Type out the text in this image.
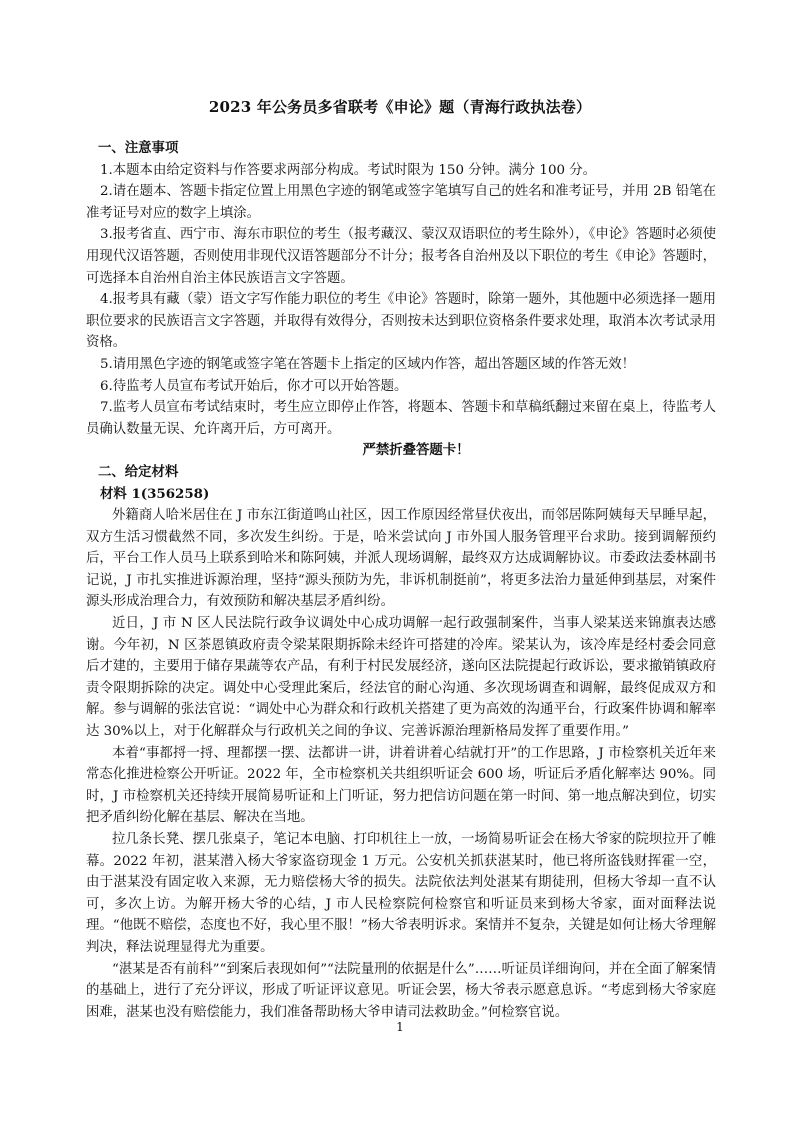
2023 年公务员多省联考《申论》题（青海行政执法卷）

一、注意事项

1.本题本由给定资料与作答要求两部分构成。考试时限为 150 分钟。满分 100 分。

2.请在题本、答题卡指定位置上用黑色字迹的钢笔或签字笔填写自己的姓名和准考证号，并用 2B 铅笔在准考证号对应的数字上填涂。

3.报考省直、西宁市、海东市职位的考生（报考藏汉、蒙汉双语职位的考生除外），《申论》答题时必须使用现代汉语答题，否则使用非现代汉语答题部分不计分；报考各自治州及以下职位的考生《申论》答题时，可选择本自治州自治主体民族语言文字答题。

4.报考具有藏（蒙）语文字写作能力职位的考生《申论》答题时，除第一题外，其他题中必须选择一题用职位要求的民族语言文字答题，并取得有效得分，否则按未达到职位资格条件要求处理，取消本次考试录用资格。

5.请用黑色字迹的钢笔或签字笔在答题卡上指定的区域内作答，超出答题区域的作答无效！

6.待监考人员宣布考试开始后，你才可以开始答题。

7.监考人员宣布考试结束时，考生应立即停止作答，将题本、答题卡和草稿纸翻过来留在桌上，待监考人员确认数量无误、允许离开后，方可离开。

严禁折叠答题卡！

二、给定材料

材料 1(356258)

外籍商人哈米居住在 J 市东江街道鸣山社区，因工作原因经常昼伏夜出，而邻居陈阿姨每天早睡早起，双方生活习惯截然不同，多次发生纠纷。于是，哈米尝试向 J 市外国人服务管理平台求助。接到调解预约后，平台工作人员马上联系到哈米和陈阿姨，并派人现场调解，最终双方达成调解协议。市委政法委林副书记说，J 市扎实推进诉源治理，坚持“源头预防为先，非诉机制挺前”，将更多法治力量延伸到基层，对案件源头形成治理合力，有效预防和解决基层矛盾纠纷。

近日，J 市 N 区人民法院行政争议调处中心成功调解一起行政强制案件，当事人梁某送来锦旗表达感谢。今年初，N 区茶恩镇政府责令梁某限期拆除未经许可搭建的冷库。梁某认为，该冷库是经村委会同意后才建的，主要用于储存果蔬等农产品，有利于村民发展经济，遂向区法院提起行政诉讼，要求撤销镇政府责令限期拆除的决定。调处中心受理此案后，经法官的耐心沟通、多次现场调查和调解，最终促成双方和解。参与调解的张法官说：“调处中心为群众和行政机关搭建了更为高效的沟通平台，行政案件协调和解率达 30%以上，对于化解群众与行政机关之间的争议、完善诉源治理新格局发挥了重要作用。”

本着“事都捋一捋、理都摆一摆、法都讲一讲，讲着讲着心结就打开”的工作思路，J 市检察机关近年来常态化推进检察公开听证。2022 年，全市检察机关共组织听证会 600 场，听证后矛盾化解率达 90%。同时，J 市检察机关还持续开展简易听证和上门听证，努力把信访问题在第一时间、第一地点解决到位，切实把矛盾纠纷化解在基层、解决在当地。

拉几条长凳、摆几张桌子，笔记本电脑、打印机往上一放，一场简易听证会在杨大爷家的院坝拉开了帷幕。2022 年初，湛某潜入杨大爷家盗窃现金 1 万元。公安机关抓获湛某时，他已将所盗钱财挥霍一空，由于湛某没有固定收入来源，无力赔偿杨大爷的损失。法院依法判处湛某有期徒刑，但杨大爷却一直不认可，多次上访。为解开杨大爷的心结，J 市人民检察院何检察官和听证员来到杨大爷家，面对面释法说理。“他既不赔偿，态度也不好，我心里不服！”杨大爷表明诉求。案情并不复杂，关键是如何让杨大爷理解判决，释法说理显得尤为重要。

“湛某是否有前科”“到案后表现如何”“法院量刑的依据是什么”……听证员详细询问，并在全面了解案情的基础上，进行了充分评议，形成了听证评议意见。听证会罢，杨大爷表示愿意息诉。“考虑到杨大爷家庭困难，湛某也没有赔偿能力，我们准备帮助杨大爷申请司法救助金。”何检察官说。

1
